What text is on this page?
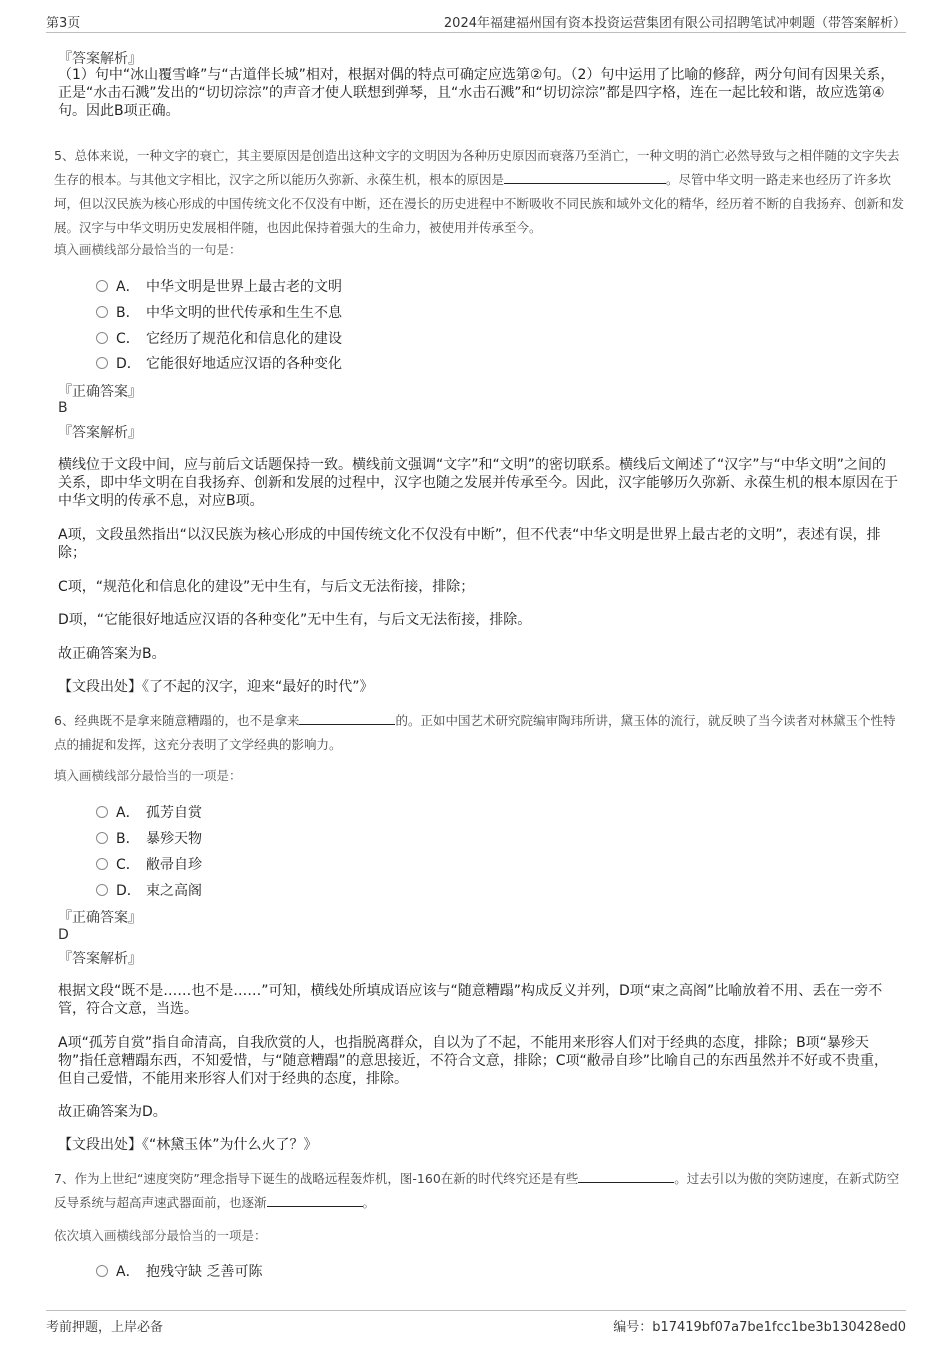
第3页	2024年福建福州国有资本投资运营集团有限公司招聘笔试冲刺题（带答案解析）
『答案解析』
（1）句中“冰山覆雪峰”与“古道伴长城”相对，根据对偶的特点可确定应选第②句。（2）句中运用了比喻的修辞，两分句间有因果关系，正是“水击石溅”发出的“切切淙淙”的声音才使人联想到弹琴，且“水击石溅”和“切切淙淙”都是四字格，连在一起比较和谐，故应选第④句。因此B项正确。
5、总体来说，一种文字的衰亡，其主要原因是创造出这种文字的文明因为各种历史原因而衰落乃至消亡，一种文明的消亡必然导致与之相伴随的文字失去生存的根本。与其他文字相比，汉字之所以能历久弥新、永葆生机，根本的原因是	。尽管中华文明一路走来也经历了许多坎坷，但以汉民族为核心形成的中国传统文化不仅没有中断，还在漫长的历史进程中不断吸收不同民族和域外文化的精华，经历着不断的自我扬弃、创新和发展。汉字与中华文明历史发展相伴随，也因此保持着强大的生命力，被使用并传承至今。
填入画横线部分最恰当的一句是：
A． 中华文明是世界上最古老的文明
B． 中华文明的世代传承和生生不息
C． 它经历了规范化和信息化的建设
D． 它能很好地适应汉语的各种变化
『正确答案』
B
『答案解析』
横线位于文段中间，应与前后文话题保持一致。横线前文强调“文字”和“文明”的密切联系。横线后文阐述了“汉字”与“中华文明”之间的关系，即中华文明在自我扬弃、创新和发展的过程中，汉字也随之发展并传承至今。因此，汉字能够历久弥新、永葆生机的根本原因在于中华文明的传承不息，对应B项。
A项，文段虽然指出“以汉民族为核心形成的中国传统文化不仅没有中断”，但不代表“中华文明是世界上最古老的文明”，表述有误，排除；
C项，“规范化和信息化的建设”无中生有，与后文无法衔接，排除；
D项，“它能很好地适应汉语的各种变化”无中生有，与后文无法衔接，排除。
故正确答案为B。
【文段出处】《了不起的汉字，迎来“最好的时代”》
6、经典既不是拿来随意糟蹋的，也不是拿来	的。正如中国艺术研究院编审陶玮所讲，黛玉体的流行，就反映了当今读者对林黛玉个性特点的捕捉和发挥，这充分表明了文学经典的影响力。
填入画横线部分最恰当的一项是：
A． 孤芳自赏
B． 暴殄天物
C． 敝帚自珍
D． 束之高阁
『正确答案』
D
『答案解析』
根据文段“既不是……也不是……”可知，横线处所填成语应该与“随意糟蹋”构成反义并列，D项“束之高阁”比喻放着不用、丢在一旁不管，符合文意，当选。
A项“孤芳自赏”指自命清高，自我欣赏的人，也指脱离群众，自以为了不起，不能用来形容人们对于经典的态度，排除；B项“暴殄天物”指任意糟蹋东西，不知爱惜，与“随意糟蹋”的意思接近，不符合文意，排除；C项“敝帚自珍”比喻自己的东西虽然并不好或不贵重，但自己爱惜，不能用来形容人们对于经典的态度，排除。
故正确答案为D。
【文段出处】《“林黛玉体”为什么火了？》
7、作为上世纪“速度突防”理念指导下诞生的战略远程轰炸机，图-160在新的时代终究还是有些	。过去引以为傲的突防速度，在新式防空反导系统与超高声速武器面前，也逐渐	。
依次填入画横线部分最恰当的一项是：
A． 抱残守缺 乏善可陈
考前押题，上岸必备	编号：b17419bf07a7be1fcc1be3b130428ed0
